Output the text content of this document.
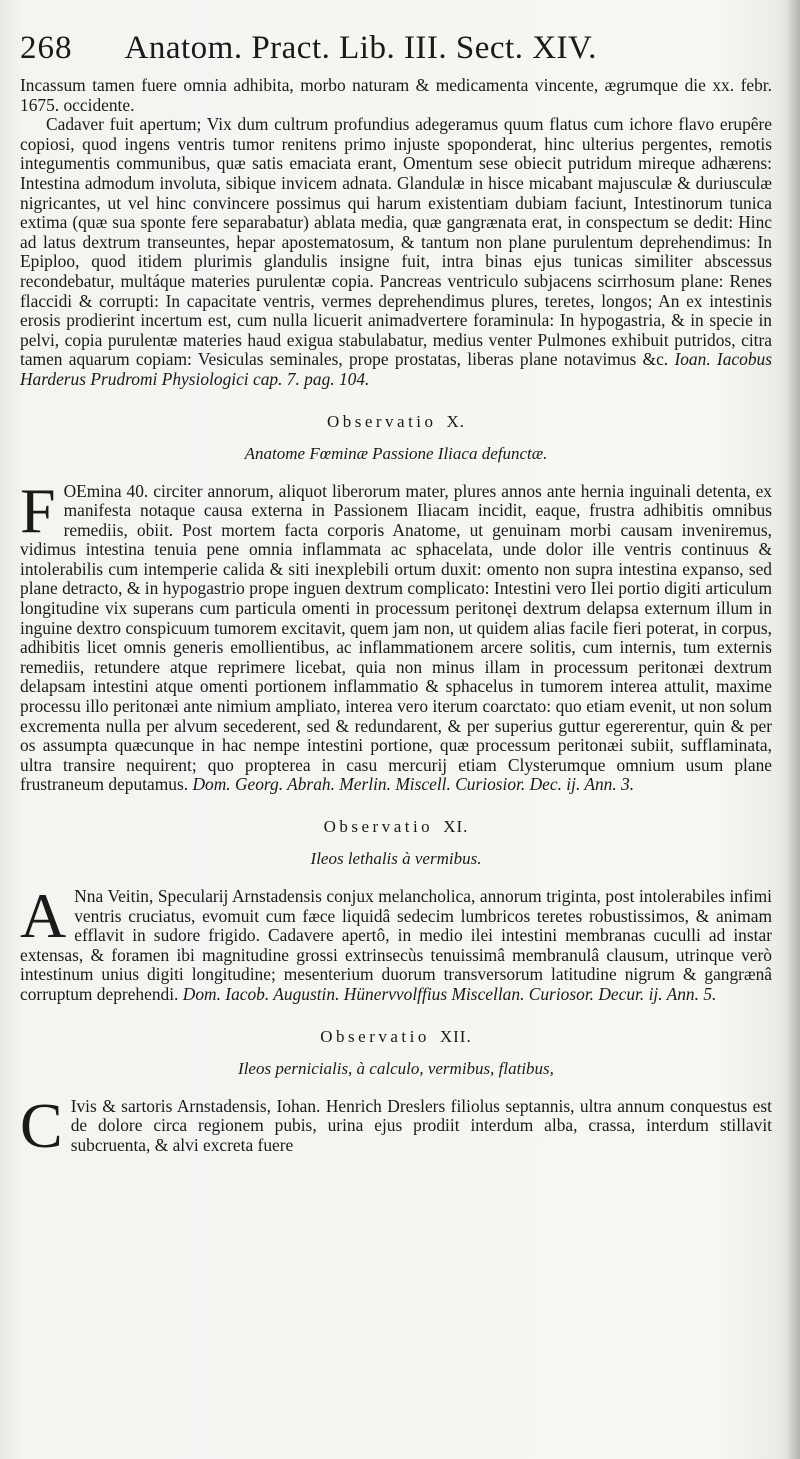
268 Anatom. Pract. Lib. III. Sect. XIV.

Incassum tamen fuere omnia adhibita, morbo naturam & medicamenta vincente, ægrumque die xx. febr. 1675. occidente.

Cadaver fuit apertum; Vix dum cultrum profundius adegeramus quum flatus cum ichore flavo erupêre copiosi, quod ingens ventris tumor renitens primo injuste spoponderat, hinc ulterius pergentes, remotis integumentis communibus, quæ satis emaciata erant, Omentum sese obiecit putridum mireque adhærens: Intestina admodum involuta, sibique invicem adnata. Glandulæ in hisce micabant majusculæ & duriusculæ nigricantes, ut vel hinc convincere possimus qui harum existentiam dubiam faciunt, Intestinorum tunica extima (quæ sua sponte fere separabatur) ablata media, quæ gangrænata erat, in conspectum se dedit: Hinc ad latus dextrum transeuntes, hepar apostematosum, & tantum non plane purulentum deprehendimus: In Epiploo, quod itidem plurimis glandulis insigne fuit, intra binas ejus tunicas similiter abscessus recondebatur, multáque materies purulentæ copia. Pancreas ventriculo subjacens scirrhosum plane: Renes flaccidi & corrupti: In capacitate ventris, vermes deprehendimus plures, teretes, longos; An ex intestinis erosis prodierint incertum est, cum nulla licuerit animadvertere foraminula: In hypogastria, & in specie in pelvi, copia purulentæ materies haud exigua stabulabatur, medius venter Pulmones exhibuit putridos, citra tamen aquarum copiam: Vesiculas seminales, prope prostatas, liberas plane notavimus &c. Ioan. Iacobus Harderus Prudromi Physiologici cap. 7. pag. 104.

Observatio X.
Anatome Fœminæ Passione Iliaca defunctæ.

F OEmina 40. circiter annorum, aliquot liberorum mater, plures annos ante hernia inguinali detenta, ex manifesta notaque causa externa in Passionem Iliacam incidit, eaque, frustra adhibitis omnibus remediis, obiit. Post mortem facta corporis Anatome, ut genuinam morbi causam inveniremus, vidimus intestina tenuia pene omnia inflammata ac sphacelata, unde dolor ille ventris continuus & intolerabilis cum intemperie calida & siti inexplebili ortum duxit: omento non supra intestina expanso, sed plane detracto, & in hypogastrio prope inguen dextrum complicato: Intestini vero Ilei portio digiti articulum longitudine vix superans cum particula omenti in processum peritonęi dextrum delapsa externum illum in inguine dextro conspicuum tumorem excitavit, quem jam non, ut quidem alias facile fieri poterat, in corpus, adhibitis licet omnis generis emollientibus, ac inflammationem arcere solitis, cum internis, tum externis remediis, retundere atque reprimere licebat, quia non minus illam in processum peritonæi dextrum delapsam intestini atque omenti portionem inflammatio & sphacelus in tumorem interea attulit, maxime processu illo peritonæi ante nimium ampliato, interea vero iterum coarctato: quo etiam evenit, ut non solum excrementa nulla per alvum secederent, sed & redundarent, & per superius guttur egererentur, quin & per os assumpta quæcunque in hac nempe intestini portione, quæ processum peritonæi subiit, sufflaminata, ultra transire nequirent; quo propterea in casu mercurij etiam Clysterumque omnium usum plane frustraneum deputamus. Dom. Georg. Abrah. Merlin. Miscell. Curiosior. Dec. ij. Ann. 3.

Observatio XI.
Ileos lethalis à vermibus.

A Nna Veitin, Specularij Arnstadensis conjux melancholica, annorum triginta, post intolerabiles infimi ventris cruciatus, evomuit cum fæce liquidâ sedecim lumbricos teretes robustissimos, & animam efflavit in sudore frigido. Cadavere apertô, in medio ilei intestini membranas cuculli ad instar extensas, & foramen ibi magnitudine grossi extrinsecùs tenuissimâ membranulâ clausum, utrinque verò intestinum unius digiti longitudine; mesenterium duorum transversorum latitudine nigrum & gangrænâ corruptum deprehendi. Dom. Iacob. Augustin. Hünervvolffius Miscellan. Curiosor. Decur. ij. Ann. 5.

Observatio XII.
Ileos pernicialis, à calculo, vermibus, flatibus,

C Ivis & sartoris Arnstadensis, Iohan. Henrich Dreslers filiolus septannis, ultra annum conquestus est de dolore circa regionem pubis, urina ejus prodiit interdum alba, crassa, interdum stillavit subcruenta, & alvi excreta fuere
